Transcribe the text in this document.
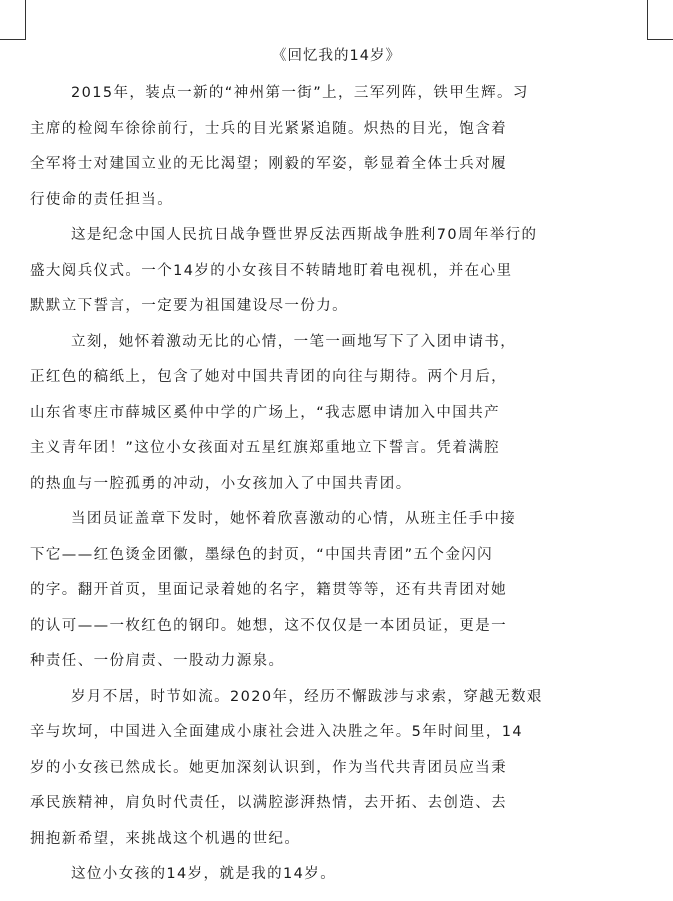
《回忆我的14岁》

2015年，装点一新的“神州第一街”上，三军列阵，铁甲生辉。习
主席的检阅车徐徐前行，士兵的目光紧紧追随。炽热的目光，饱含着
全军将士对建国立业的无比渴望；刚毅的军姿，彰显着全体士兵对履
行使命的责任担当。

这是纪念中国人民抗日战争暨世界反法西斯战争胜利70周年举行的
盛大阅兵仪式。一个14岁的小女孩目不转睛地盯着电视机，并在心里
默默立下誓言，一定要为祖国建设尽一份力。

立刻，她怀着激动无比的心情，一笔一画地写下了入团申请书，
正红色的稿纸上，包含了她对中国共青团的向往与期待。两个月后，
山东省枣庄市薛城区奚仲中学的广场上，“我志愿申请加入中国共产
主义青年团！”这位小女孩面对五星红旗郑重地立下誓言。凭着满腔
的热血与一腔孤勇的冲动，小女孩加入了中国共青团。

当团员证盖章下发时，她怀着欣喜激动的心情，从班主任手中接
下它——红色烫金团徽，墨绿色的封页，“中国共青团”五个金闪闪
的字。翻开首页，里面记录着她的名字，籍贯等等，还有共青团对她
的认可——一枚红色的钢印。她想，这不仅仅是一本团员证，更是一
种责任、一份肩责、一股动力源泉。

岁月不居，时节如流。2020年，经历不懈跋涉与求索，穿越无数艰
辛与坎坷，中国进入全面建成小康社会进入决胜之年。5年时间里，14
岁的小女孩已然成长。她更加深刻认识到，作为当代共青团员应当秉
承民族精神，肩负时代责任，以满腔澎湃热情，去开拓、去创造、去
拥抱新希望，来挑战这个机遇的世纪。

这位小女孩的14岁，就是我的14岁。
